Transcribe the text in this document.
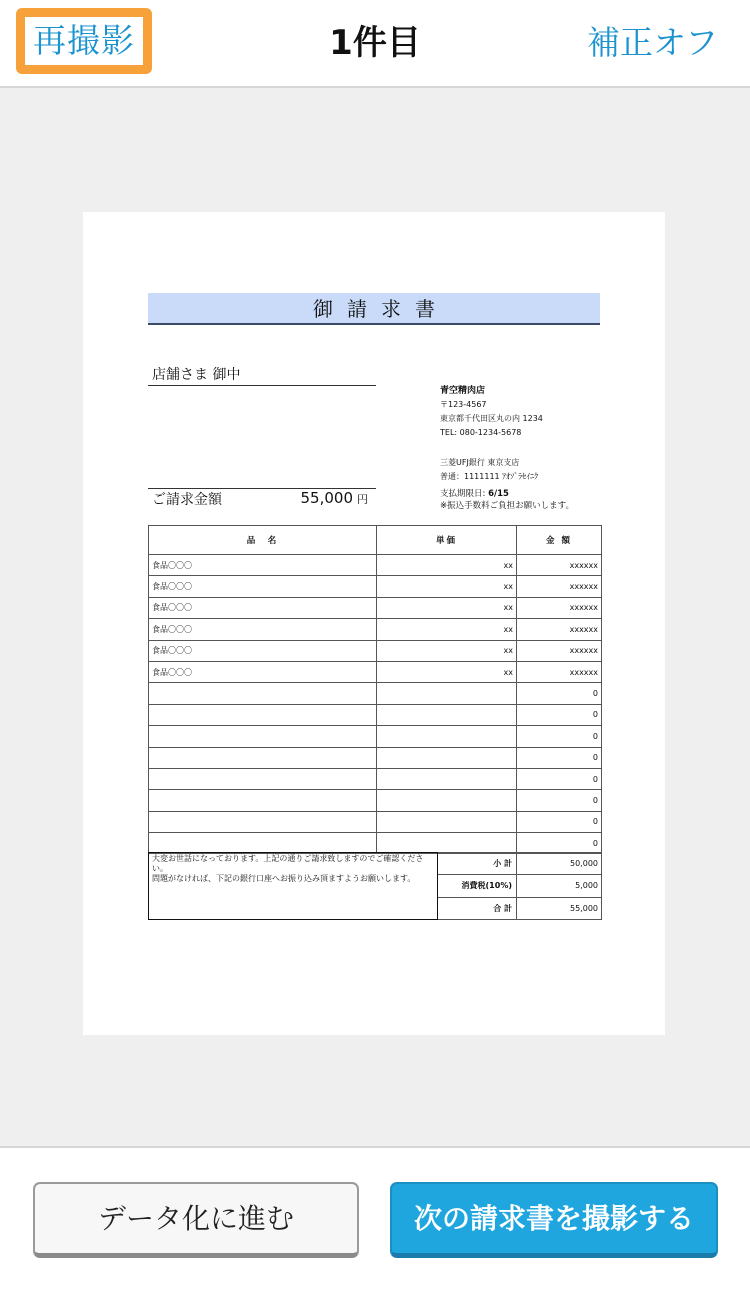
再撮影	1件目	補正オフ
御請求書
店舗さま 御中
青空精肉店
〒123-4567
東京都千代田区丸の内 1234
TEL: 080-1234-5678
三菱UFJ銀行 東京支店
普通：1111111 ｱｵｿﾞﾗｾｲﾆｸ
ご請求金額	55,000 円	支払期限日: 6/15
※振込手数料ご負担お願いします。
品　名	単価	金 額
食品〇〇〇	xx	xxxxxx
食品〇〇〇	xx	xxxxxx
食品〇〇〇	xx	xxxxxx
食品〇〇〇	xx	xxxxxx
食品〇〇〇	xx	xxxxxx
食品〇〇〇	xx	xxxxxx
		0
		0
		0
		0
		0
		0
		0
		0
大変お世話になっております。上記の通りご請求致しますのでご確認ください。
問題がなければ、下記の銀行口座へお振り込み頂ますようお願いします。	小 計	50,000
	消費税(10%)	5,000
	合 計	55,000
データ化に進む	次の請求書を撮影する
